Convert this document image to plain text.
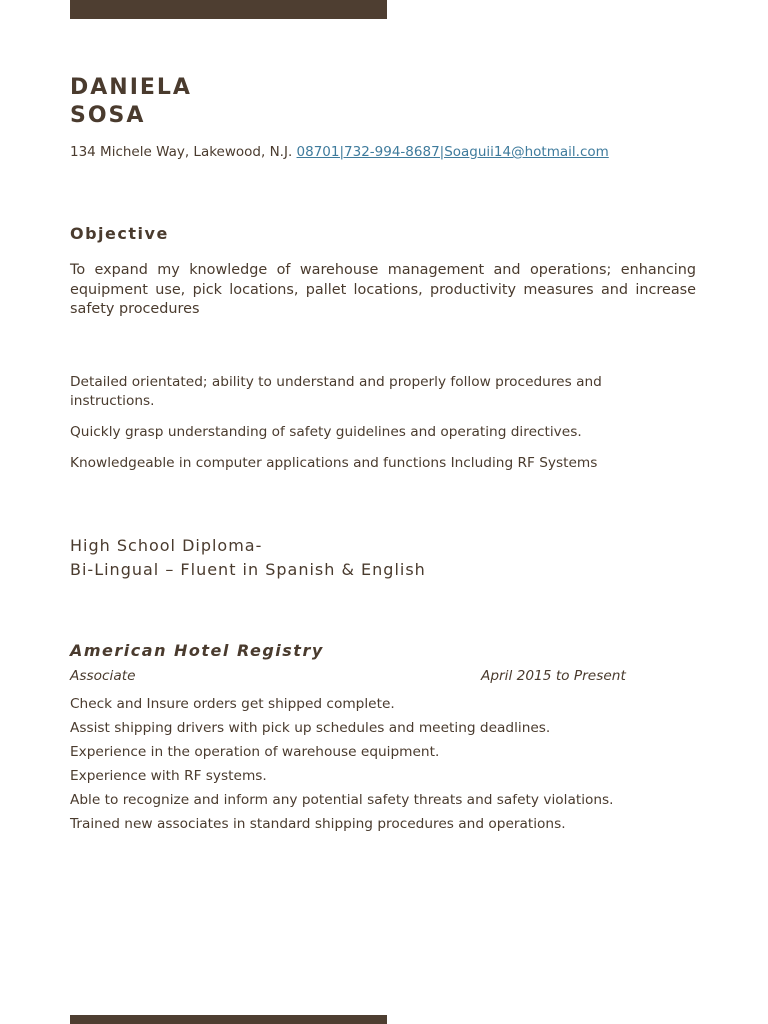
DANIELA
SOSA
134 Michele Way, Lakewood, N.J. 08701|732-994-8687|Soaguii14@hotmail.com
Objective
To expand my knowledge of warehouse management and operations; enhancing equipment use, pick locations, pallet locations, productivity measures and increase safety procedures

Detailed orientated; ability to understand and properly follow procedures and instructions.

Quickly grasp understanding of safety guidelines and operating directives.

Knowledgeable in computer applications and functions Including RF Systems

High School Diploma-
Bi-Lingual – Fluent in Spanish & English
American Hotel Registry
Associate	April 2015 to Present
Check and Insure orders get shipped complete.
Assist shipping drivers with pick up schedules and meeting deadlines.
Experience in the operation of warehouse equipment.
Experience with RF systems.
Able to recognize and inform any potential safety threats and safety violations.
Trained new associates in standard shipping procedures and operations.
